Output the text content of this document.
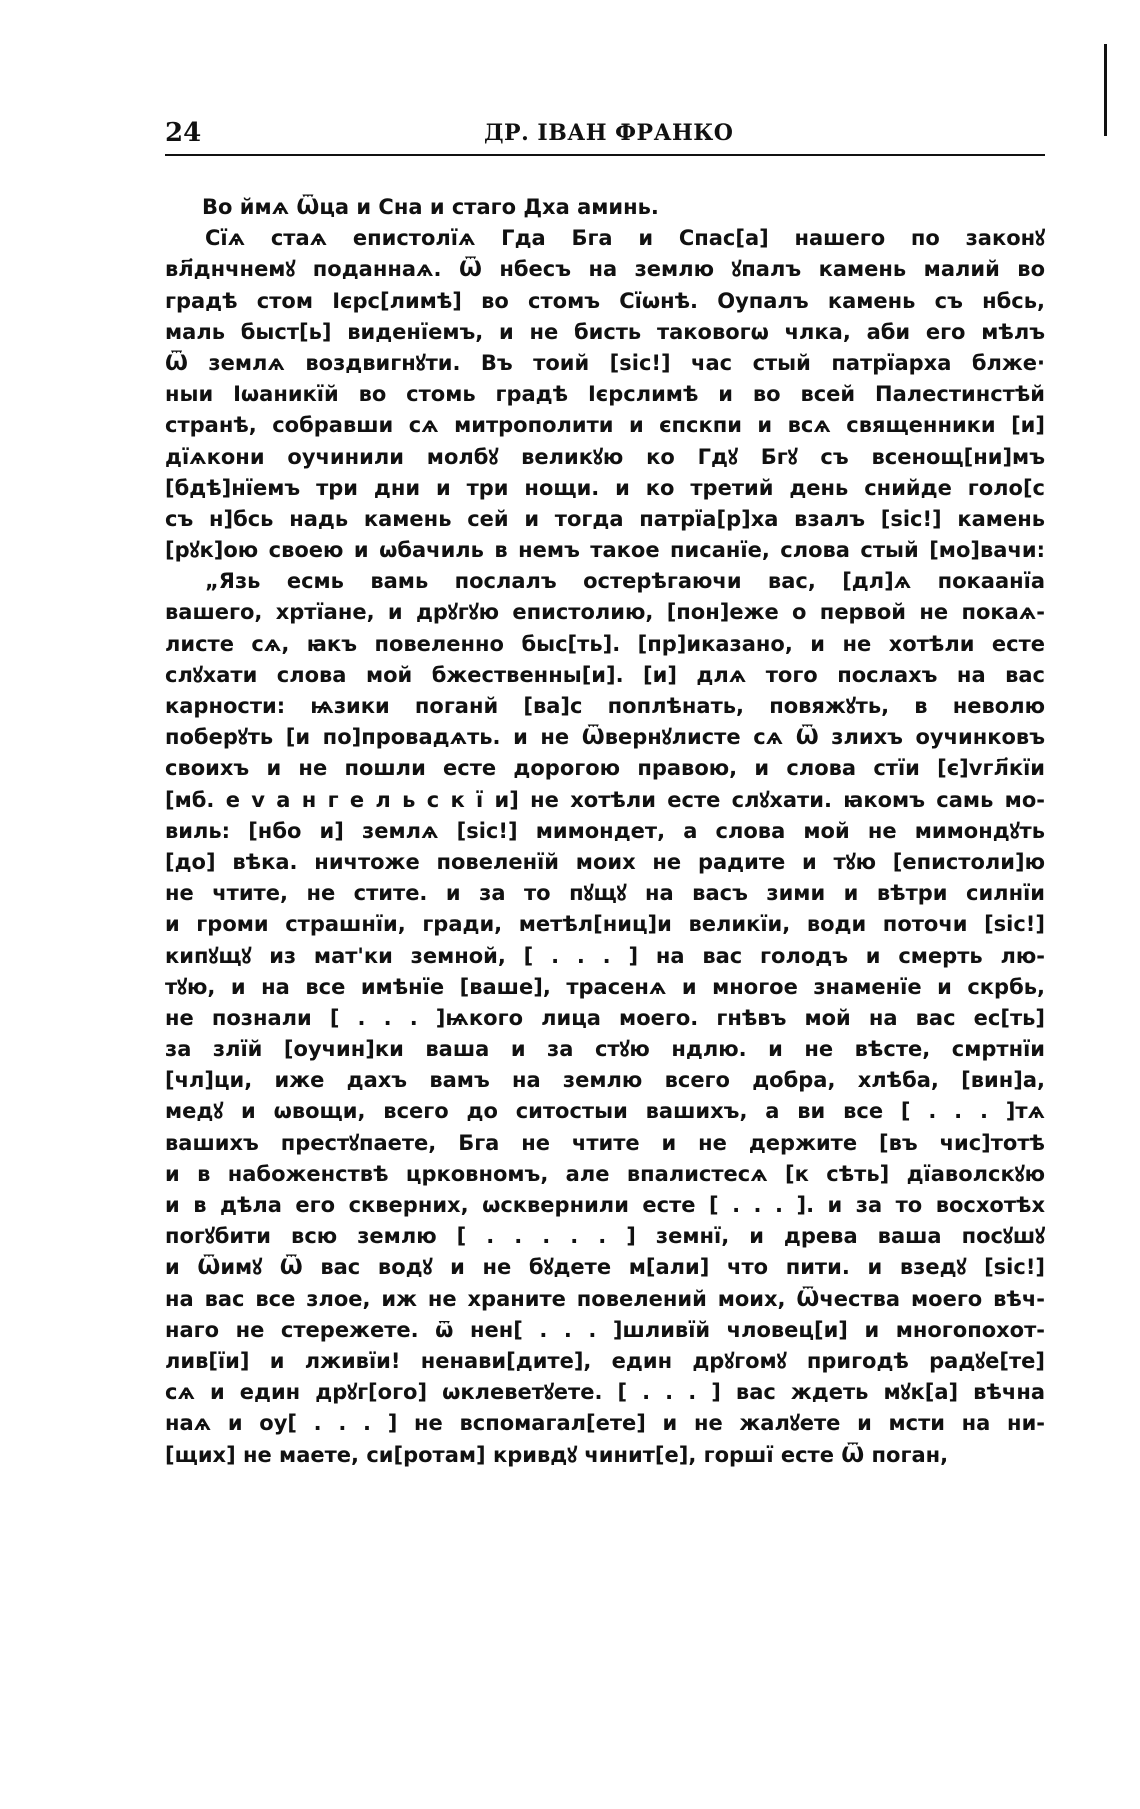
24	ДР. ІВАН ФРАНКО
Во ймѧ Ѿца и Сна и стаго Дха аминь.
Сїѧ стаѧ епистолїѧ Гда Бга и Спас[а] нашего по законꙋ
вл҃днчнемꙋ поданнаѧ. Ѿ нбесъ на землю ꙋпалъ камень малий во
градѣ стом Ієрс[лимѣ] во стомъ Сїѡнѣ. Оупалъ камень съ нбсь,
маль быст[ь] виденїемъ, и не бисть таковогω члка, аби его мѣлъ
Ѿ землѧ воздвигнꙋти. Въ тоий [sic!] час стый патрїарха блже·
ныи Іѡаникїй во стомь градѣ Ієрслимѣ и во всей Палестинстѣй
странѣ, собравши сѧ митрополити и єпскпи и всѧ священники [и]
дїѧкони оучинили молбꙋ великꙋю ко Гдꙋ Бгꙋ съ всенощ[ни]мъ
[бдѣ]нїемъ три дни и три нощи. и ко третий день снийде голо[с
съ н]бсь надь камень сей и тогда патрїа[р]ха взалъ [sic!] камень
[рꙋк]ою своею и ѡбачиль в немъ такое писанїе, слова стый [мо]вачи:
„Язь есмь вамь послалъ остерѣгаючи вас, [дл]ѧ покаанїа
вашего, хртїане, и дрꙋгꙋю епистолию, [пон]еже о первой не покаѧ-
листе сѧ, ꙗкъ повеленно быс[ть]. [пр]иказано, и не хотѣли есте
слꙋхати слова мой бжественны[и]. [и] длѧ того послахъ на вас
карности: ѩзики поганй [ва]с поплѣнать, повяжꙋть, в неволю
поберꙋть [и по]провадѧть. и не Ѿвернꙋлисте сѧ Ѿ злихъ оучинковъ
своихъ и не пошли есте дорогою правою, и слова стїи [є]vгл҃кїи
[мб. е v а н г е л ь с к ї и] не хотѣли есте слꙋхати. ꙗкомъ самь мо-
виль: [нбо и] землѧ [sic!] мимондет, а слова мой не мимондꙋть
[до] вѣка. ничтоже повеленїй моих не радите и тꙋю [епистоли]ю
не чтите, не стите. и за то пꙋщꙋ на васъ зими и вѣтри силнїи
и громи страшнїи, гради, метѣл[ниц]и великїи, води поточи [sic!]
кипꙋщꙋ из мат'ки земной, [ . . . ] на вас голодъ и смерть лю-
тꙋю, и на все имѣнїе [ваше], трасенѧ и многое знаменїе и скрбь,
не познали [ . . . ]ѩкого лица моего. гнѣвъ мой на вас ес[ть]
за злїй [оучин]ки ваша и за стꙋю ндлю. и не вѣсте, смртнїи
[чл]ци, иже дахъ вамъ на землю всего добра, хлѣба, [вин]а,
медꙋ и ѡвощи, всего до ситостыи вашихъ, а ви все [ . . . ]тѧ
вашихъ престꙋпаете, Бга не чтите и не держите [въ чис]тотѣ
и в набоженствѣ црковномъ, але впалистесѧ [к сѣть] дїаволскꙋю
и в дѣла его скверних, ѡсквернили есте [ . . . ]. и за то восхотѣх
погꙋбити всю землю [ . . . . . ] земнї, и древа ваша посꙋшꙋ
и Ѿимꙋ Ѿ вас водꙋ и не бꙋдете м[али] что пити. и взедꙋ [sic!]
на вас все злое, иж не храните повелений моих, Ѿчества моего вѣч-
наго не стережете. ѿ нен[ . . . ]шливїй чловец[и] и многопохот-
лив[їи] и лживїи! ненави[дите], един дрꙋгомꙋ пригодѣ радꙋе[те]
сѧ и един дрꙋг[ого] ѡклеветꙋете. [ . . . ] вас ждеть мꙋк[а] вѣчна
наѧ и оу[ . . . ] не вспомагал[ете] и не жалꙋете и мсти на ни-
[щих] не маете, си[ротам] кривдꙋ чинит[е], горшї есте Ѿ поган,
